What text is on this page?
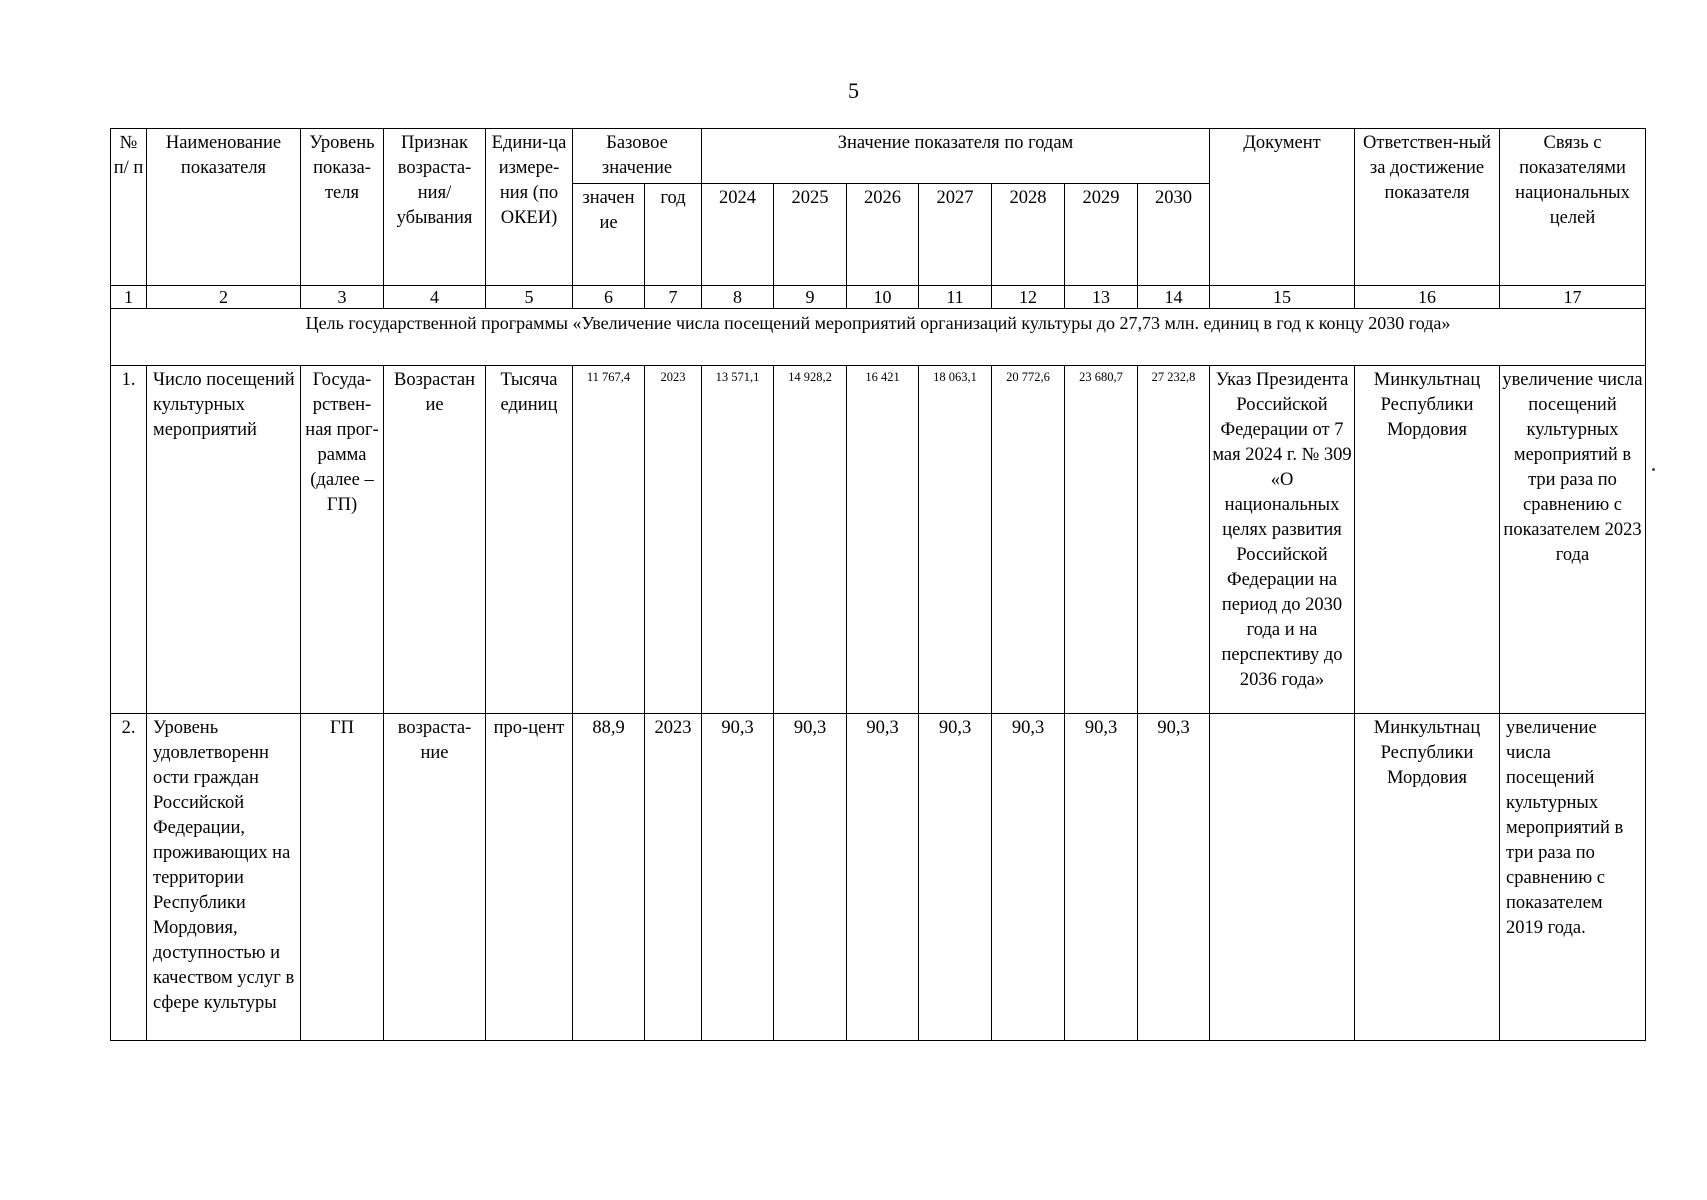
5
№ п/ п	Наименование показателя	Уровень показа-теля	Признак возраста-ния/ убывания	Едини-ца измере-ния (по ОКЕИ)	Базовое значение		Значение показателя по годам							Документ	Ответствен-ный за достижение показателя	Связь с показателями национальных целей
					значен ие	год	2024	2025	2026	2027	2028	2029	2030			
1	2	3	4	5	6	7	8	9	10	11	12	13	14	15	16	17
Цель государственной программы «Увеличение числа посещений мероприятий организаций культуры до 27,73 млн. единиц в год к концу 2030 года»																
1.	Число посещений культурных мероприятий	Госуда-рствен-ная прог-рамма (далее – ГП)	Возрастан ие	Тысяча единиц	11 767,4	2023	13 571,1	14 928,2	16 421	18 063,1	20 772,6	23 680,7	27 232,8	Указ Президента Российской Федерации от 7 мая 2024 г. № 309 «О национальных целях развития Российской Федерации на период до 2030 года и на перспективу до 2036 года»	Минкультнац Республики Мордовия	увеличение числа посещений культурных мероприятий в три раза по сравнению с показателем 2023 года
2.	Уровень удовлетворенн ости граждан Российской Федерации, проживающих на территории Республики Мордовия, доступностью и качеством услуг в сфере культуры	ГП	возраста-ние	про-цент	88,9	2023	90,3	90,3	90,3	90,3	90,3	90,3	90,3		Минкультнац Республики Мордовия	увеличение числа посещений культурных мероприятий в три раза по сравнению с показателем 2019 года.
